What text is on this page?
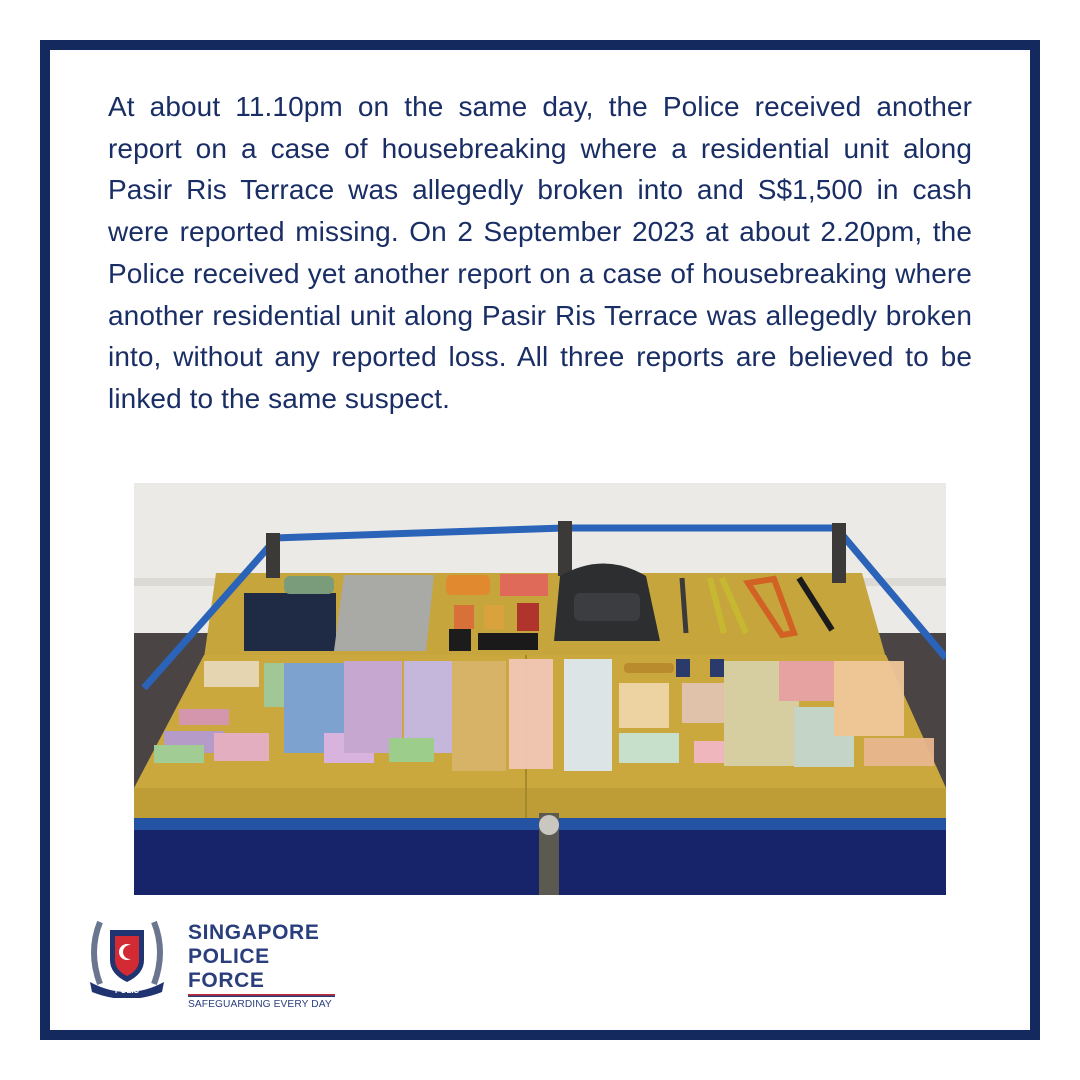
At about 11.10pm on the same day, the Police received another report on a case of housebreaking where a residential unit along Pasir Ris Terrace was allegedly broken into and S$1,500 in cash were reported missing. On 2 September 2023 at about 2.20pm, the Police received yet another report on a case of housebreaking where another residential unit along Pasir Ris Terrace was allegedly broken into, without any reported loss. All three reports are believed to be linked to the same suspect.

POLIS
SINGAPORE
POLICE FORCE
SAFEGUARDING EVERY DAY
